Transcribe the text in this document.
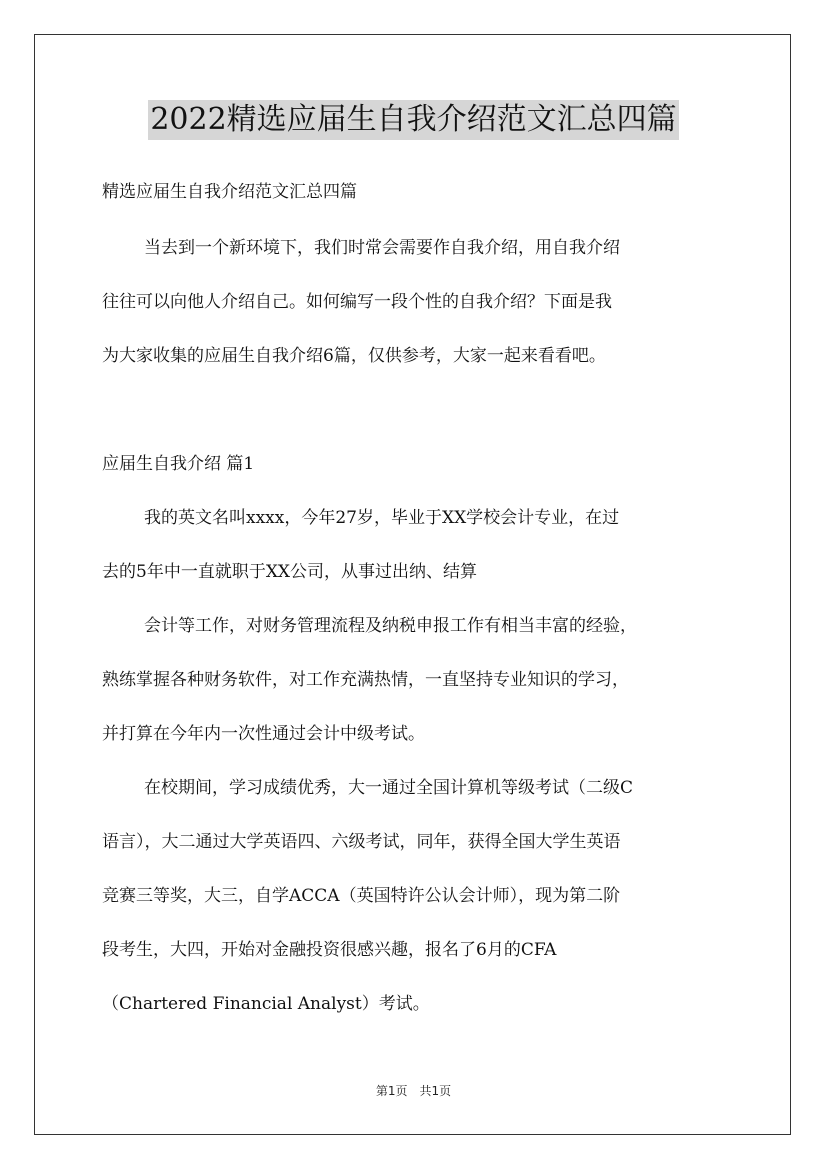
2022精选应届生自我介绍范文汇总四篇
精选应届生自我介绍范文汇总四篇
当去到一个新环境下，我们时常会需要作自我介绍，用自我介绍
往往可以向他人介绍自己。如何编写一段个性的自我介绍？下面是我
为大家收集的应届生自我介绍6篇，仅供参考，大家一起来看看吧。
应届生自我介绍 篇1
我的英文名叫xxxx，今年27岁，毕业于XX学校会计专业，在过
去的5年中一直就职于XX公司，从事过出纳、结算
会计等工作，对财务管理流程及纳税申报工作有相当丰富的经验，
熟练掌握各种财务软件，对工作充满热情，一直坚持专业知识的学习，
并打算在今年内一次性通过会计中级考试。
在校期间，学习成绩优秀，大一通过全国计算机等级考试（二级C
语言），大二通过大学英语四、六级考试，同年，获得全国大学生英语
竞赛三等奖，大三，自学ACCA（英国特许公认会计师），现为第二阶
段考生，大四，开始对金融投资很感兴趣，报名了6月的CFA
（Chartered Financial Analyst）考试。
第1页　共1页
